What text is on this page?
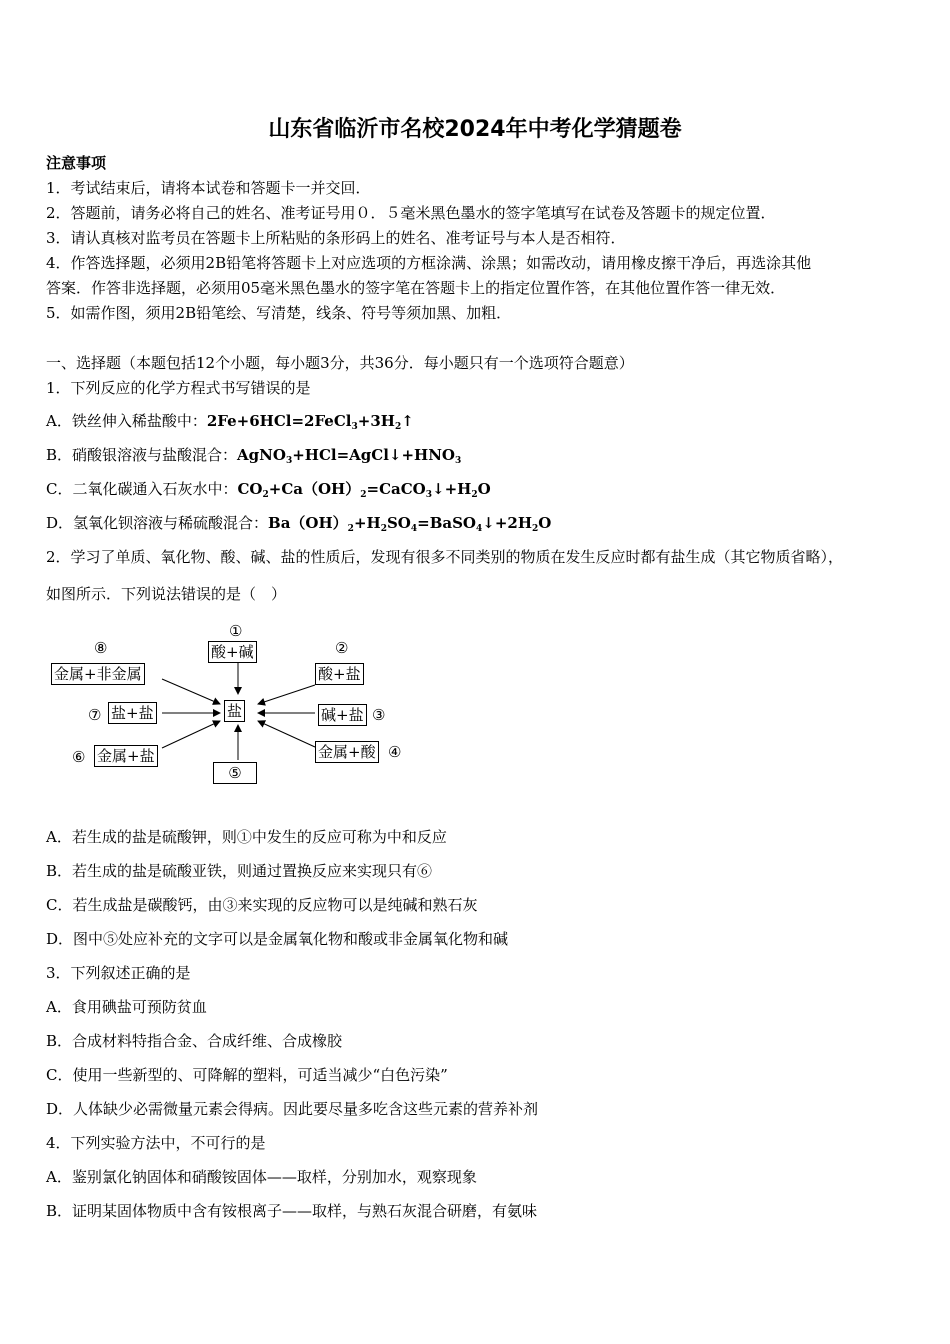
山东省临沂市名校2024年中考化学猜题卷
注意事项
1．考试结束后，请将本试卷和答题卡一并交回．
2．答题前，请务必将自己的姓名、准考证号用０．５毫米黑色墨水的签字笔填写在试卷及答题卡的规定位置．
3．请认真核对监考员在答题卡上所粘贴的条形码上的姓名、准考证号与本人是否相符．
4．作答选择题，必须用2B铅笔将答题卡上对应选项的方框涂满、涂黑；如需改动，请用橡皮擦干净后，再选涂其他
答案．作答非选择题，必须用05毫米黑色墨水的签字笔在答题卡上的指定位置作答，在其他位置作答一律无效．
5．如需作图，须用2B铅笔绘、写清楚，线条、符号等须加黑、加粗．
一、选择题（本题包括12个小题，每小题3分，共36分．每小题只有一个选项符合题意）
1．下列反应的化学方程式书写错误的是
A．铁丝伸入稀盐酸中：$2Fe+6HCl=2FeCl_3+3H_2↑$
B．硝酸银溶液与盐酸混合：$AgNO_3+HCl=AgCl↓+HNO_3$
C．二氧化碳通入石灰水中：$CO_2+Ca(OH)_2=CaCO_3↓+H_2O$
D．氢氧化钡溶液与稀硫酸混合：$Ba(OH)_2+H_2SO_4=BaSO_4↓+2H_2O$
2．学习了单质、氧化物、酸、碱、盐的性质后，发现有很多不同类别的物质在发生反应时都有盐生成（其它物质省略），
如图所示．下列说法错误的是（　）
盐
①
酸+碱	②
酸+盐
碱+盐 ③
金属+酸 ④
⑤
⑥ 金属+盐
⑦ 盐+盐
⑧
金属+非金属
A．若生成的盐是硫酸钾，则①中发生的反应可称为中和反应
B．若生成的盐是硫酸亚铁，则通过置换反应来实现只有⑥
C．若生成盐是碳酸钙，由③来实现的反应物可以是纯碱和熟石灰
D．图中⑤处应补充的文字可以是金属氧化物和酸或非金属氧化物和碱
3．下列叙述正确的是
A．食用碘盐可预防贫血
B．合成材料特指合金、合成纤维、合成橡胶
C．使用一些新型的、可降解的塑料，可适当减少“白色污染”
D．人体缺少必需微量元素会得病。因此要尽量多吃含这些元素的营养补剂
4．下列实验方法中，不可行的是
A．鉴别氯化钠固体和硝酸铵固体——取样，分别加水，观察现象
B．证明某固体物质中含有铵根离子——取样，与熟石灰混合研磨，有氨味
